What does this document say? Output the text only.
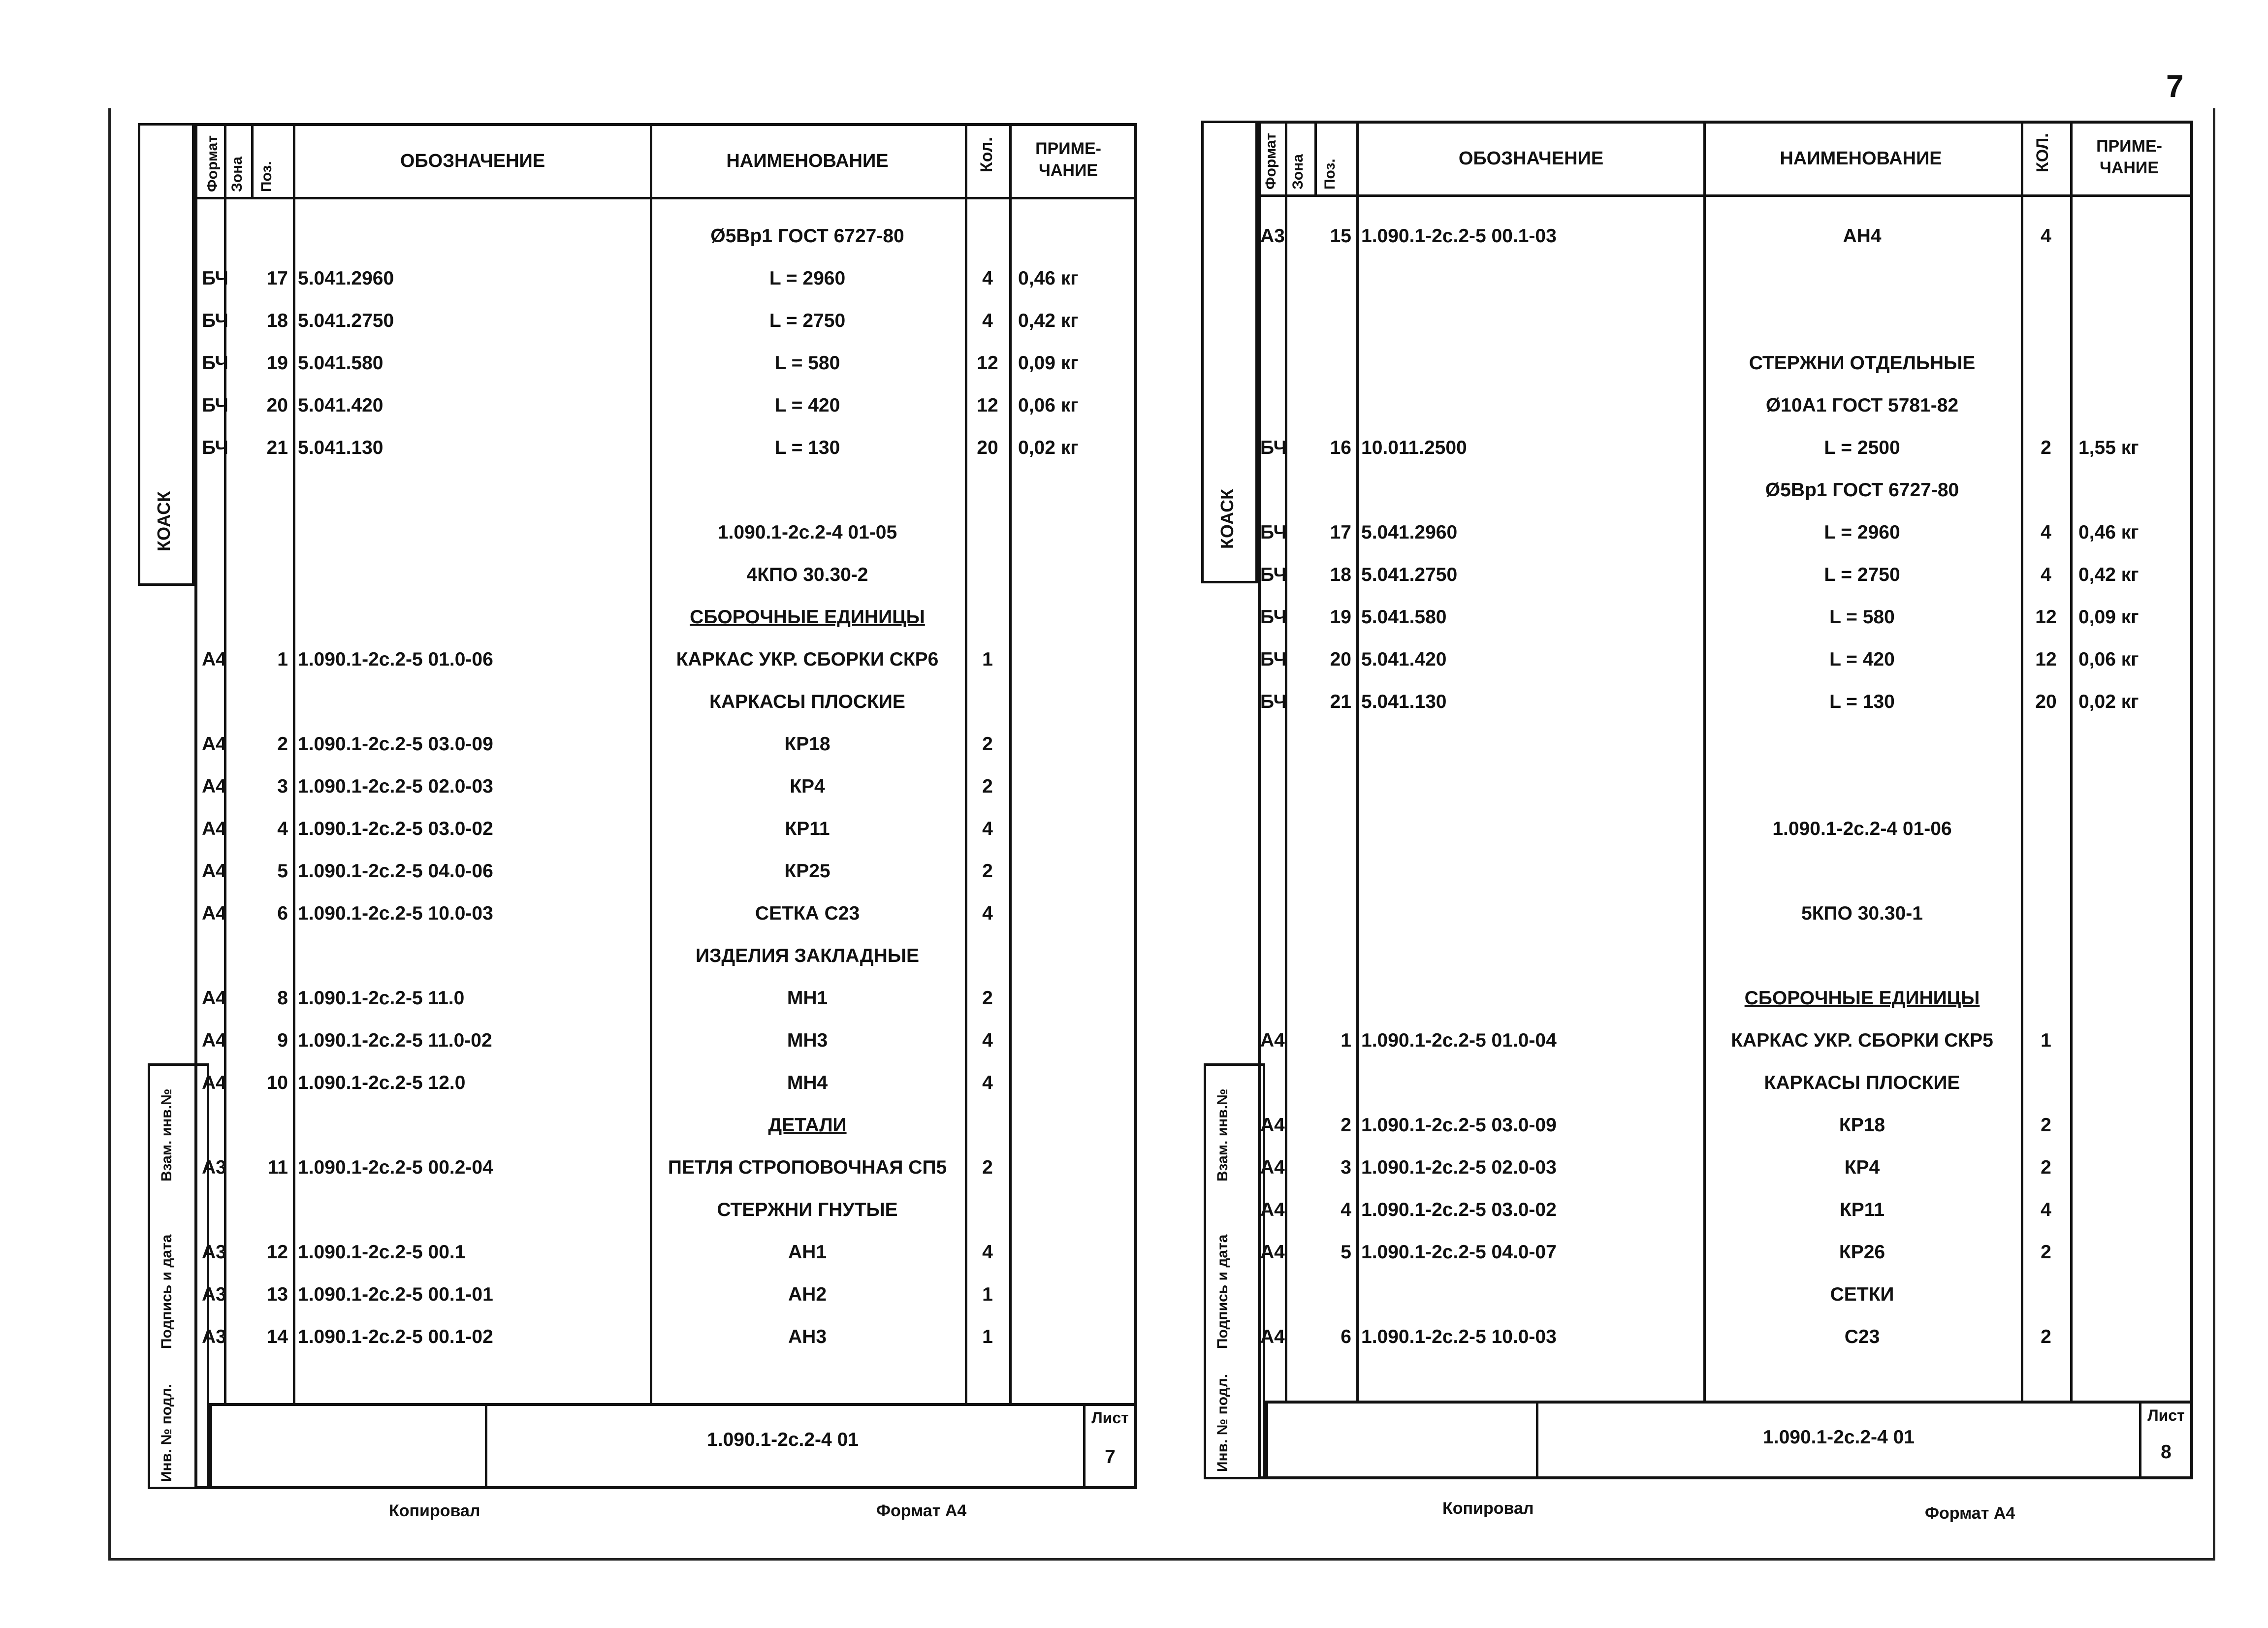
7
КОАСК
Взам. инв.№
Подпись и дата
Инв. № подл.
Формат Зона Поз.
ОБОЗНАЧЕНИЕ	НАИМЕНОВАНИЕ	Кол.	ПРИМЕ-ЧАНИЕ
Ø5Вр1 ГОСТ 6727-80
БЧ	17 5.041.2960	L = 2960	4	0,46 кг
БЧ	18 5.041.2750	L = 2750	4	0,42 кг
БЧ	19 5.041.580	L = 580	12	0,09 кг
БЧ	20 5.041.420	L = 420	12	0,06 кг
БЧ	21 5.041.130	L = 130	20	0,02 кг
1.090.1-2с.2-4 01-05
4КПО 30.30-2
СБОРОЧНЫЕ ЕДИНИЦЫ
А4	1 1.090.1-2с.2-5 01.0-06	КАРКАС УКР. СБОРКИ СКР6	1
КАРКАСЫ ПЛОСКИЕ
А4	2 1.090.1-2с.2-5 03.0-09	КР18	2
А4	3 1.090.1-2с.2-5 02.0-03	КР4	2
А4	4 1.090.1-2с.2-5 03.0-02	КР11	4
А4	5 1.090.1-2с.2-5 04.0-06	КР25	2
А4	6 1.090.1-2с.2-5 10.0-03	СЕТКА С23	4
ИЗДЕЛИЯ ЗАКЛАДНЫЕ
А4	8 1.090.1-2с.2-5 11.0	МН1	2
А4	9 1.090.1-2с.2-5 11.0-02	МН3	4
А4	10 1.090.1-2с.2-5 12.0	МН4	4
ДЕТАЛИ
А3	11 1.090.1-2с.2-5 00.2-04	ПЕТЛЯ СТРОПОВОЧНАЯ СП5	2
СТЕРЖНИ ГНУТЫЕ
А3	12 1.090.1-2с.2-5 00.1	АН1	4
А3	13 1.090.1-2с.2-5 00.1-01	АН2	1
А3	14 1.090.1-2с.2-5 00.1-02	АН3	1
1.090.1-2с.2-4 01
Лист
7
Копировал	Формат А4
КОАСК
Взам. инв.№
Подпись и дата
Инв. № подл.
Формат Зона Поз.
ОБОЗНАЧЕНИЕ	НАИМЕНОВАНИЕ	КОЛ.	ПРИМЕ-ЧАНИЕ
А3	15 1.090.1-2с.2-5 00.1-03	АН4	4
СТЕРЖНИ ОТДЕЛЬНЫЕ
Ø10А1 ГОСТ 5781-82
БЧ	16 10.011.2500	L = 2500	2	1,55 кг
Ø5Вр1 ГОСТ 6727-80
БЧ	17 5.041.2960	L = 2960	4	0,46 кг
БЧ	18 5.041.2750	L = 2750	4	0,42 кг
БЧ	19 5.041.580	L = 580	12	0,09 кг
БЧ	20 5.041.420	L = 420	12	0,06 кг
БЧ	21 5.041.130	L = 130	20	0,02 кг
1.090.1-2с.2-4 01-06
5КПО 30.30-1
СБОРОЧНЫЕ ЕДИНИЦЫ
А4	1 1.090.1-2с.2-5 01.0-04	КАРКАС УКР. СБОРКИ СКР5	1
КАРКАСЫ ПЛОСКИЕ
А4	2 1.090.1-2с.2-5 03.0-09	КР18	2
А4	3 1.090.1-2с.2-5 02.0-03	КР4	2
А4	4 1.090.1-2с.2-5 03.0-02	КР11	4
А4	5 1.090.1-2с.2-5 04.0-07	КР26	2
СЕТКИ
А4	6 1.090.1-2с.2-5 10.0-03	С23	2
1.090.1-2с.2-4 01
Лист
8
Копировал	Формат А4
